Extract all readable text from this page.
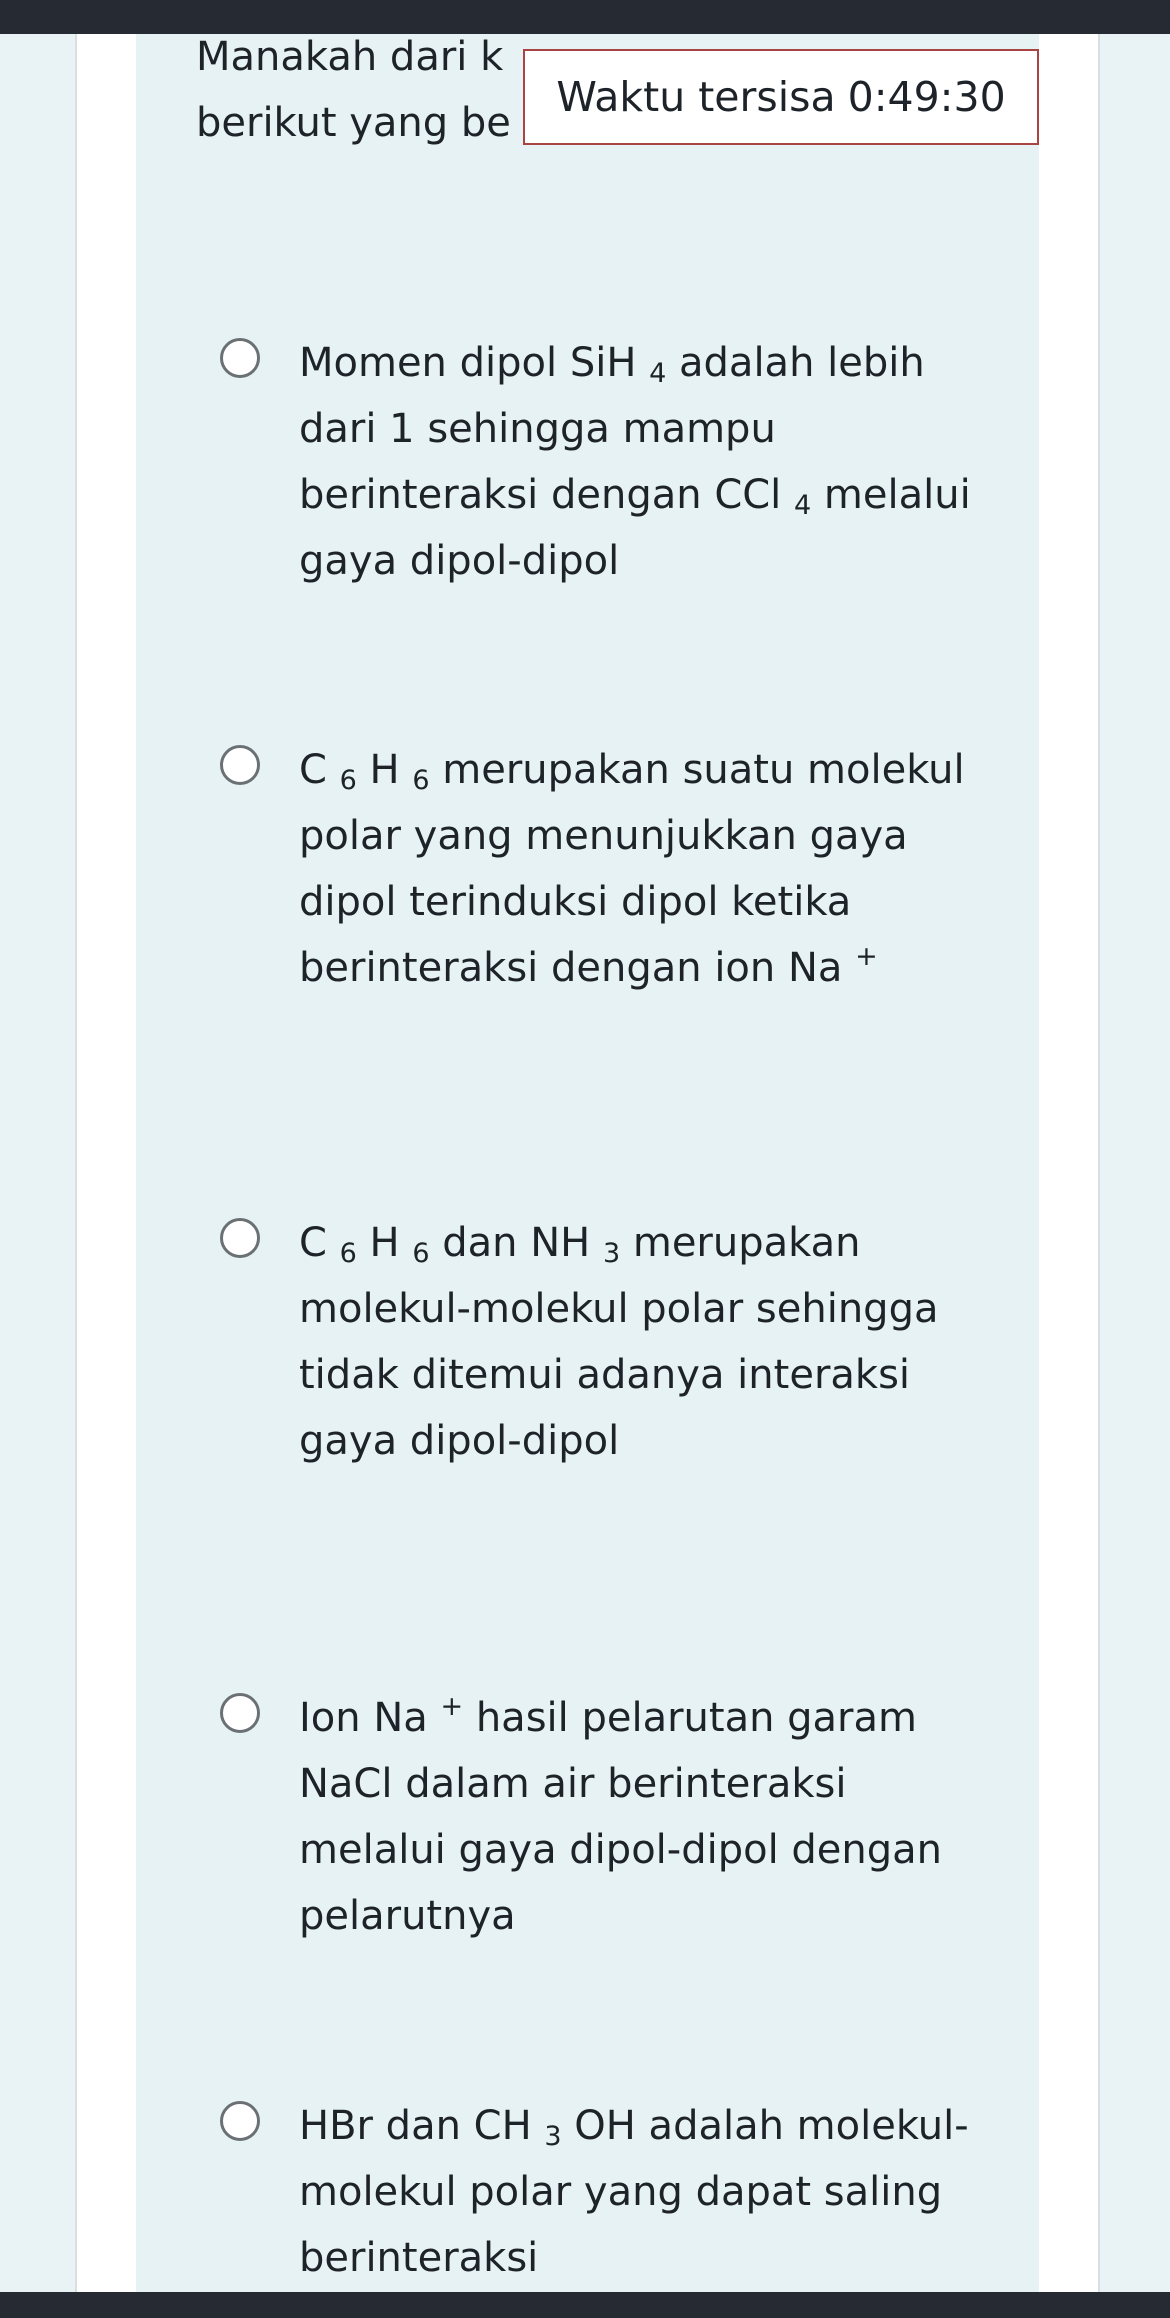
Manakah dari k
berikut yang be

Waktu tersisa 0:49:30
Momen dipol SiH $_4$ adalah lebih dari 1 sehingga mampu berinteraksi dengan CCl $_4$ melalui gaya dipol-dipol
C $_6$ H $_6$ merupakan suatu molekul polar yang menunjukkan gaya dipol terinduksi dipol ketika berinteraksi dengan ion Na +
C $_6$ H $_6$ dan NH $_3$ merupakan molekul-molekul polar sehingga tidak ditemui adanya interaksi gaya dipol-dipol
Ion Na + hasil pelarutan garam NaCl dalam air berinteraksi melalui gaya dipol-dipol dengan pelarutnya
HBr dan CH $_3$ OH adalah molekul-molekul polar yang dapat saling berinteraksi
